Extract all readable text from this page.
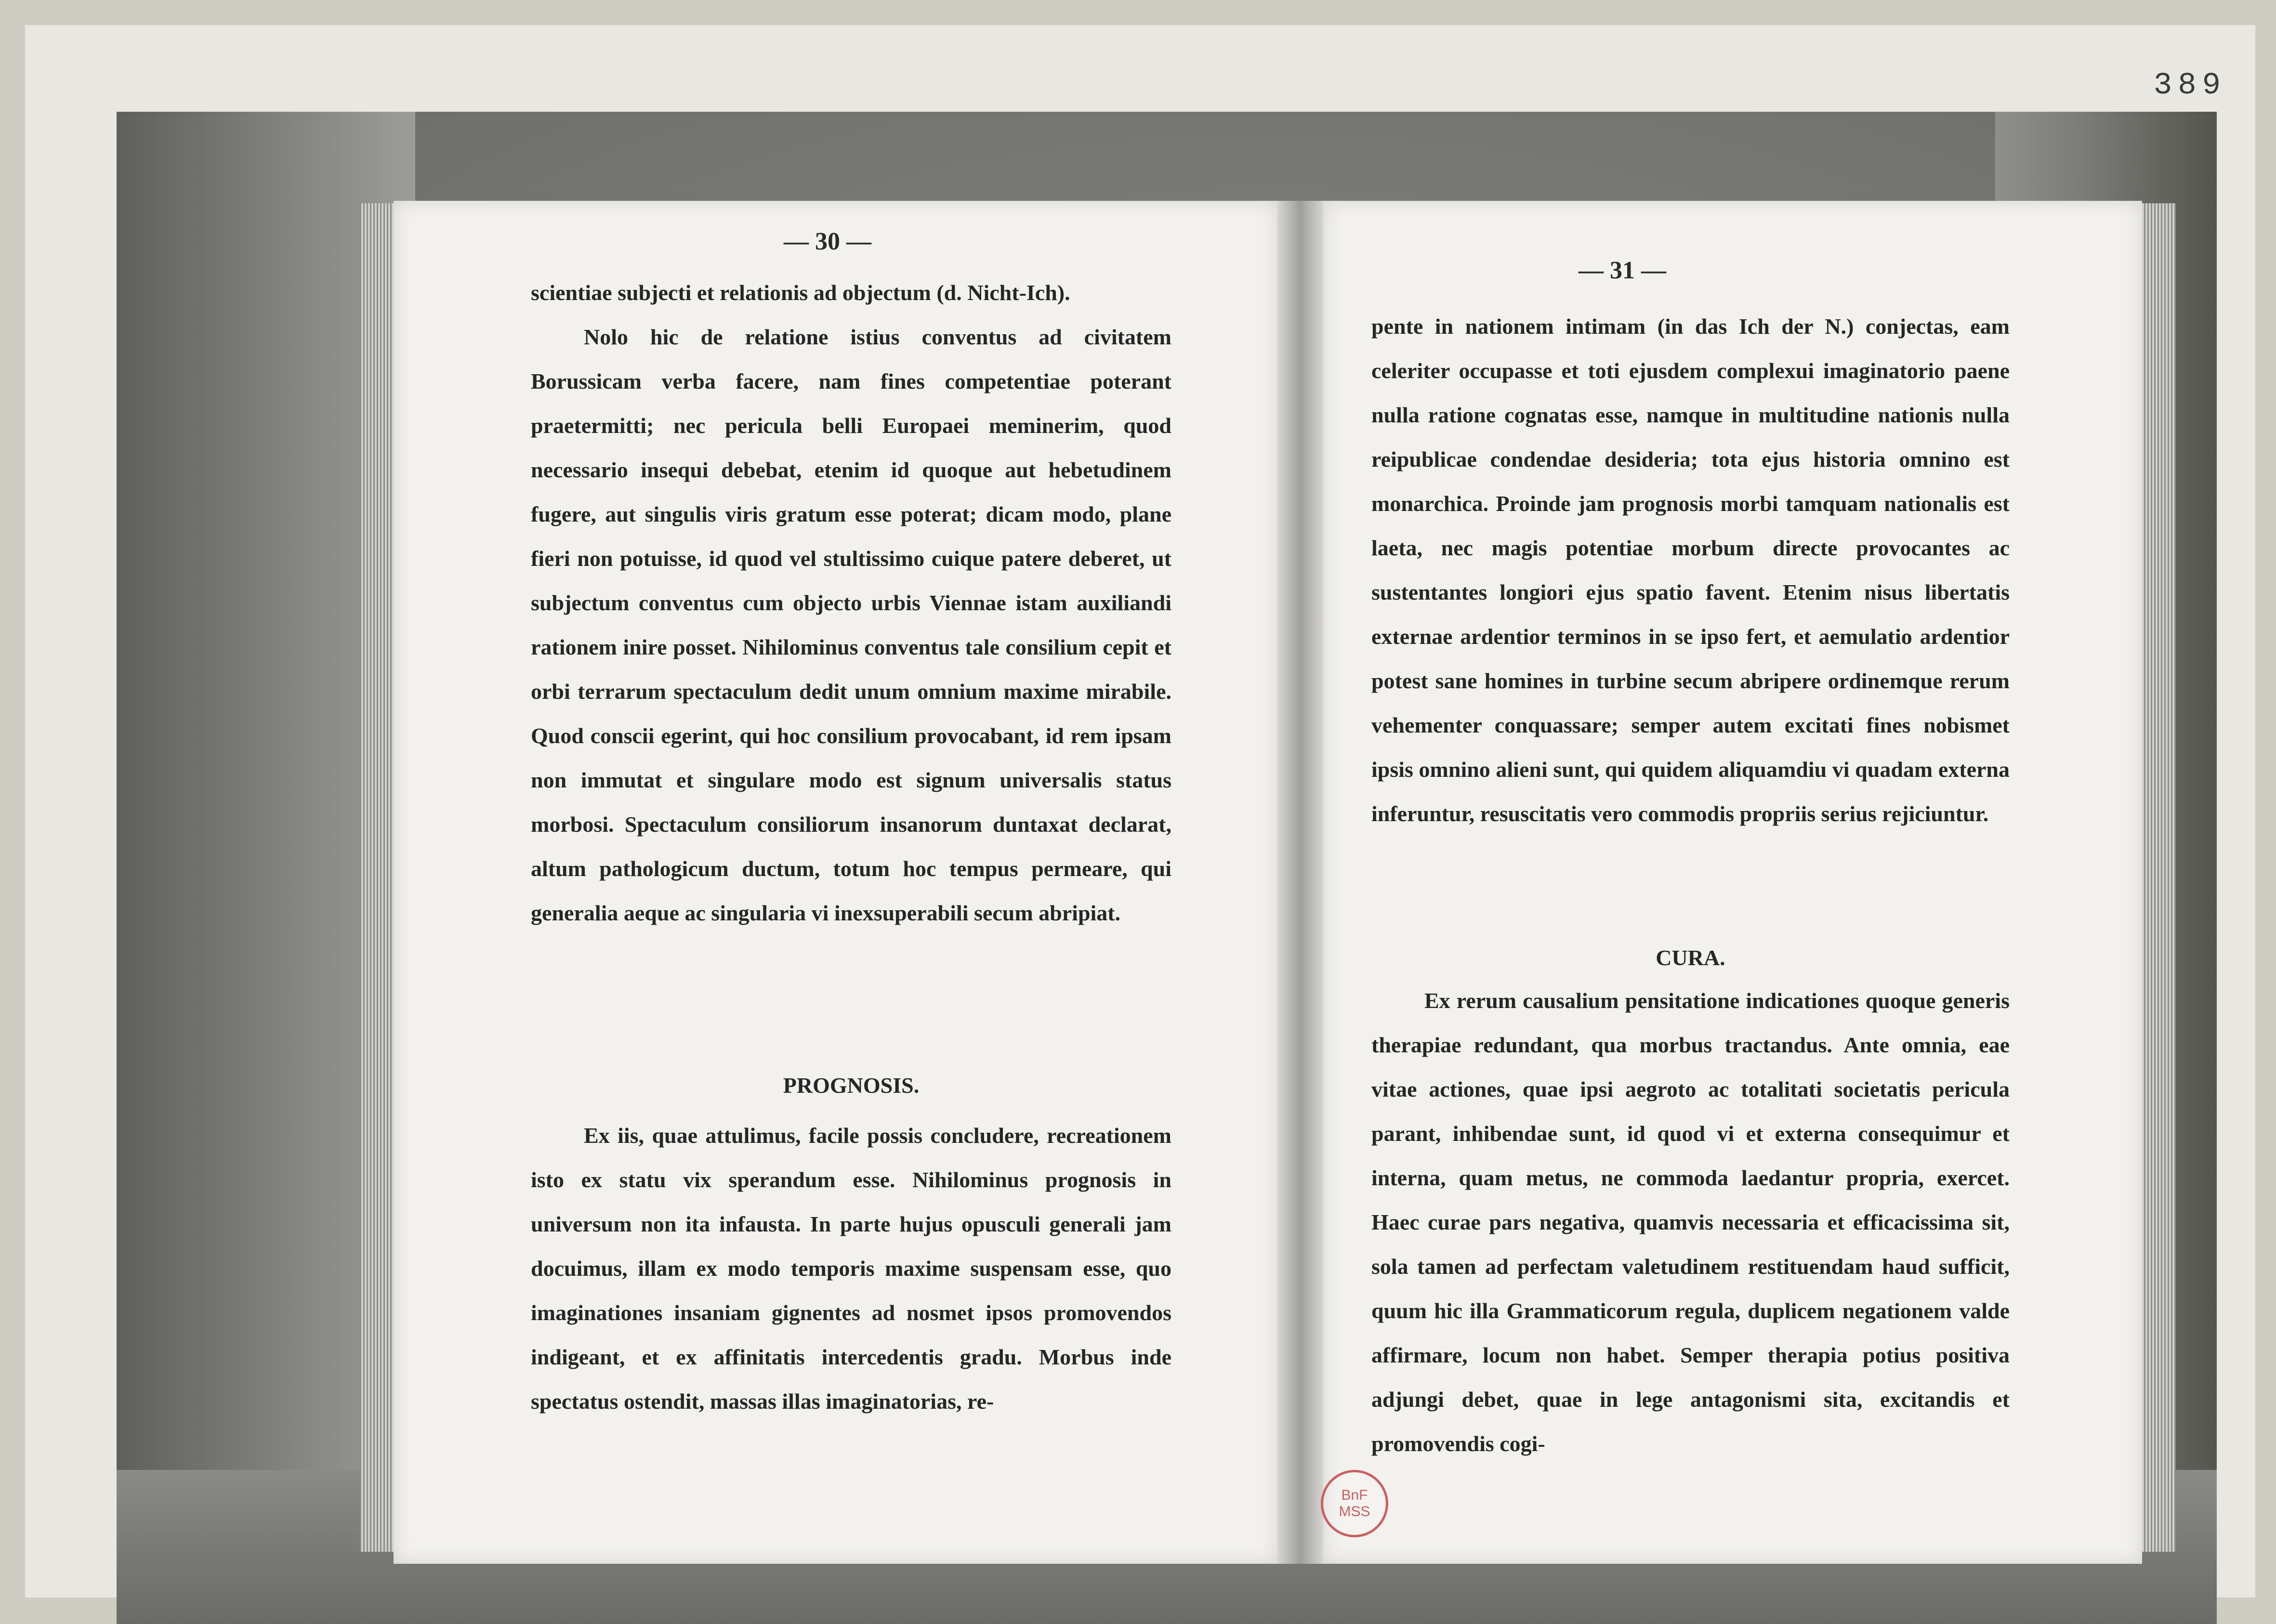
389
— 30 —

scientiae subjecti et relationis ad objectum (d. Nicht-Ich).

Nolo hic de relatione istius conventus ad civitatem Borussicam verba facere, nam fines competentiae poterant praetermitti; nec pericula belli Europaei meminerim, quod necessario insequi debebat, etenim id quoque aut hebetudinem fugere, aut singulis viris gratum esse poterat; dicam modo, plane fieri non potuisse, id quod vel stultissimo cuique patere deberet, ut subjectum conventus cum objecto urbis Viennae istam auxiliandi rationem inire posset. Nihilominus conventus tale consilium cepit et orbi terrarum spectaculum dedit unum omnium maxime mirabile. Quod conscii egerint, qui hoc consilium provocabant, id rem ipsam non immutat et singulare modo est signum universalis status morbosi. Spectaculum consiliorum insanorum duntaxat declarat, altum pathologicum ductum, totum hoc tempus permeare, qui generalia aeque ac singularia vi inexsuperabili secum abripiat.

PROGNOSIS.

Ex iis, quae attulimus, facile possis concludere, recreationem isto ex statu vix sperandum esse. Nihilominus prognosis in universum non ita infausta. In parte hujus opusculi generali jam docuimus, illam ex modo temporis maxime suspensam esse, quo imaginationes insaniam gignentes ad nosmet ipsos promovendos indigeant, et ex affinitatis intercedentis gradu. Morbus inde spectatus ostendit, massas illas imaginatorias, re-

— 31 —

pente in nationem intimam (in das Ich der N.) conjectas, eam celeriter occupasse et toti ejusdem complexui imaginatorio paene nulla ratione cognatas esse, namque in multitudine nationis nulla reipublicae condendae desideria; tota ejus historia omnino est monarchica. Proinde jam prognosis morbi tamquam nationalis est laeta, nec magis potentiae morbum directe provocantes ac sustentantes longiori ejus spatio favent. Etenim nisus libertatis externae ardentior terminos in se ipso fert, et aemulatio ardentior potest sane homines in turbine secum abripere ordinemque rerum vehementer conquassare; semper autem excitati fines nobismet ipsis omnino alieni sunt, qui quidem aliquamdiu vi quadam externa inferuntur, resuscitatis vero commodis propriis serius rejiciuntur.

CURA.

Ex rerum causalium pensitatione indicationes quoque generis therapiae redundant, qua morbus tractandus. Ante omnia, eae vitae actiones, quae ipsi aegroto ac totalitati societatis pericula parant, inhibendae sunt, id quod vi et externa consequimur et interna, quam metus, ne commoda laedantur propria, exercet. Haec curae pars negativa, quamvis necessaria et efficacissima sit, sola tamen ad perfectam valetudinem restituendam haud sufficit, quum hic illa Grammaticorum regula, duplicem negationem valde affirmare, locum non habet. Semper therapia potius positiva adjungi debet, quae in lege antagonismi sita, excitandis et promovendis cogi-

BnF
MSS
